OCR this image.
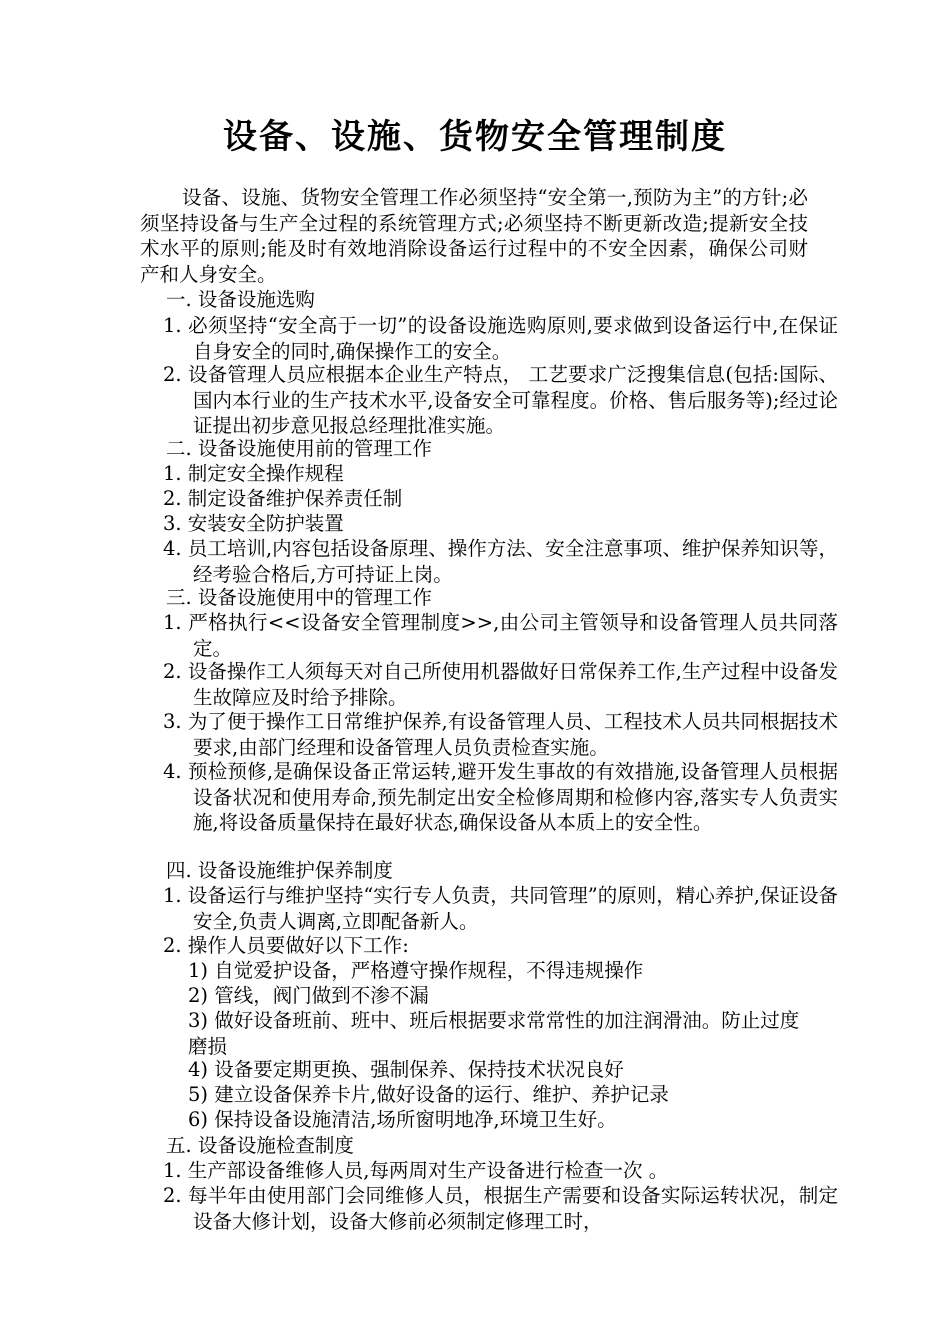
设备、设施、货物安全管理制度
设备、设施、货物安全管理工作必须坚持“安全第一,预防为主”的方针;必须坚持设备与生产全过程的系统管理方式;必须坚持不断更新改造;提新安全技术水平的原则;能及时有效地消除设备运行过程中的不安全因素，确保公司财产和人身安全。
一. 设备设施选购
1. 必须坚持“安全高于一切”的设备设施选购原则,要求做到设备运行中,在保证自身安全的同时,确保操作工的安全。
2. 设备管理人员应根据本企业生产特点， 工艺要求广泛搜集信息(包括:国际、国内本行业的生产技术水平,设备安全可靠程度。价格、售后服务等);经过论证提出初步意见报总经理批准实施。
二. 设备设施使用前的管理工作
1. 制定安全操作规程
2. 制定设备维护保养责任制
3. 安装安全防护装置
4. 员工培训,内容包括设备原理、操作方法、安全注意事项、维护保养知识等，经考验合格后,方可持证上岗。
三. 设备设施使用中的管理工作
1. 严格执行<<设备安全管理制度>>,由公司主管领导和设备管理人员共同落定。
2. 设备操作工人须每天对自己所使用机器做好日常保养工作,生产过程中设备发生故障应及时给予排除。
3. 为了便于操作工日常维护保养,有设备管理人员、工程技术人员共同根据技术要求,由部门经理和设备管理人员负责检查实施。
4. 预检预修,是确保设备正常运转,避开发生事故的有效措施,设备管理人员根据设备状况和使用寿命,预先制定出安全检修周期和检修内容,落实专人负责实施,将设备质量保持在最好状态,确保设备从本质上的安全性。
四. 设备设施维护保养制度
1. 设备运行与维护坚持“实行专人负责，共同管理”的原则，精心养护,保证设备安全,负责人调离,立即配备新人。
2. 操作人员要做好以下工作:
1) 自觉爱护设备，严格遵守操作规程，不得违规操作
2) 管线，阀门做到不渗不漏
3) 做好设备班前、班中、班后根据要求常常性的加注润滑油。防止过度磨损
4) 设备要定期更换、强制保养、保持技术状况良好
5) 建立设备保养卡片,做好设备的运行、维护、养护记录
6) 保持设备设施清洁,场所窗明地净,环境卫生好。
五. 设备设施检查制度
1. 生产部设备维修人员,每两周对生产设备进行检查一次 。
2. 每半年由使用部门会同维修人员，根据生产需要和设备实际运转状况，制定设备大修计划，设备大修前必须制定修理工时，
